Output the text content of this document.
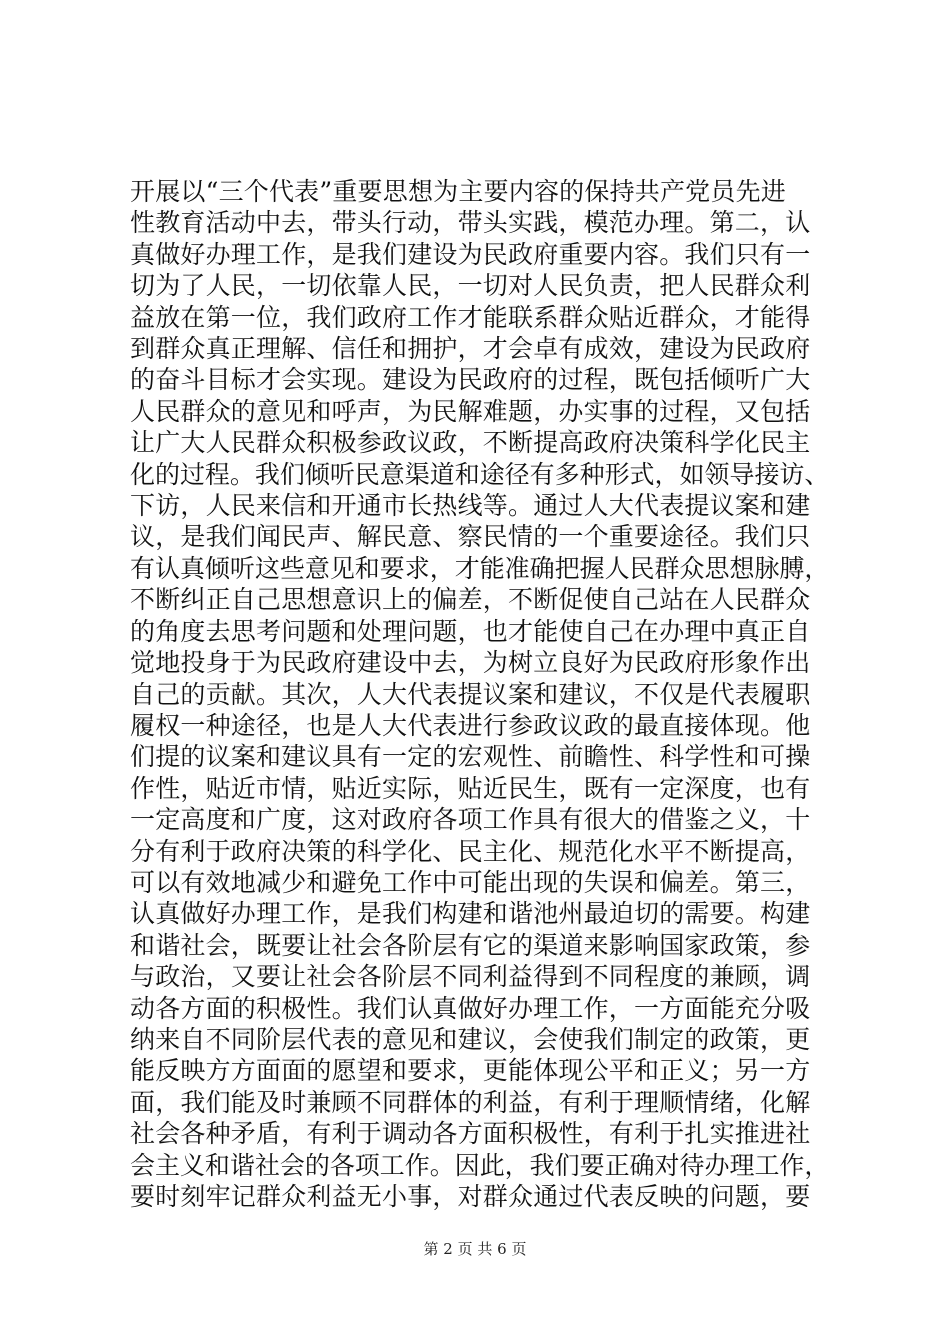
开展以“三个代表”重要思想为主要内容的保持共产党员先进
性教育活动中去，带头行动，带头实践，模范办理。第二，认
真做好办理工作，是我们建设为民政府重要内容。我们只有一
切为了人民，一切依靠人民，一切对人民负责，把人民群众利
益放在第一位，我们政府工作才能联系群众贴近群众，才能得
到群众真正理解、信任和拥护，才会卓有成效，建设为民政府
的奋斗目标才会实现。建设为民政府的过程，既包括倾听广大
人民群众的意见和呼声，为民解难题，办实事的过程，又包括
让广大人民群众积极参政议政，不断提高政府决策科学化民主
化的过程。我们倾听民意渠道和途径有多种形式，如领导接访、
下访，人民来信和开通市长热线等。通过人大代表提议案和建
议，是我们闻民声、解民意、察民情的一个重要途径。我们只
有认真倾听这些意见和要求，才能准确把握人民群众思想脉膊，
不断纠正自己思想意识上的偏差，不断促使自己站在人民群众
的角度去思考问题和处理问题，也才能使自己在办理中真正自
觉地投身于为民政府建设中去，为树立良好为民政府形象作出
自己的贡献。其次，人大代表提议案和建议，不仅是代表履职
履权一种途径，也是人大代表进行参政议政的最直接体现。他
们提的议案和建议具有一定的宏观性、前瞻性、科学性和可操
作性，贴近市情，贴近实际，贴近民生，既有一定深度，也有
一定高度和广度，这对政府各项工作具有很大的借鉴之义，十
分有利于政府决策的科学化、民主化、规范化水平不断提高，
可以有效地减少和避免工作中可能出现的失误和偏差。第三，
认真做好办理工作，是我们构建和谐池州最迫切的需要。构建
和谐社会，既要让社会各阶层有它的渠道来影响国家政策，参
与政治，又要让社会各阶层不同利益得到不同程度的兼顾，调
动各方面的积极性。我们认真做好办理工作，一方面能充分吸
纳来自不同阶层代表的意见和建议，会使我们制定的政策，更
能反映方方面面的愿望和要求，更能体现公平和正义；另一方
面，我们能及时兼顾不同群体的利益，有利于理顺情绪，化解
社会各种矛盾，有利于调动各方面积极性，有利于扎实推进社
会主义和谐社会的各项工作。因此，我们要正确对待办理工作，
要时刻牢记群众利益无小事，对群众通过代表反映的问题，要
第 2 页 共 6 页
